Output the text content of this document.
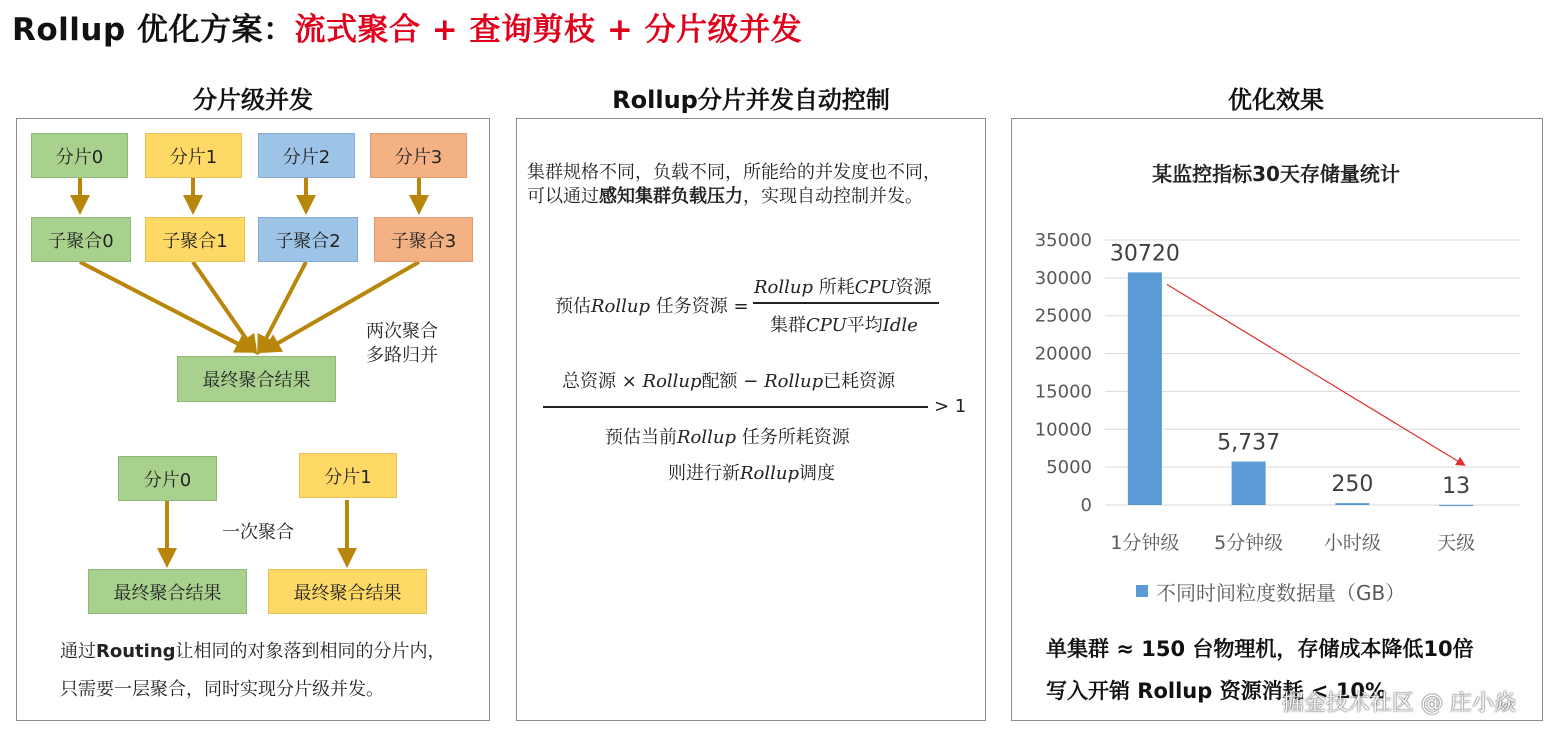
Rollup 优化方案：流式聚合 + 查询剪枝 + 分片级并发
分片级并发	Rollup分片并发自动控制	优化效果
分片0	分片1	分片2	分片3
子聚合0	子聚合1	子聚合2	子聚合3
最终聚合结果
两次聚合
多路归并
分片0	分片1
一次聚合
最终聚合结果	最终聚合结果
通过Routing让相同的对象落到相同的分片内，
只需要一层聚合，同时实现分片级并发。
集群规格不同，负载不同，所能给的并发度也不同，
可以通过感知集群负载压力，实现自动控制并发。
预估Rollup 任务资源 =
Rollup 所耗CPU资源
集群CPU平均Idle
总资源 × Rollup配额 − Rollup已耗资源
> 1
预估当前Rollup 任务所耗资源
则进行新Rollup调度
某监控指标30天存储量统计
0
5000
10000
15000
20000
25000
30000
35000
30720
1分钟级
5,737
5分钟级
250
小时级
13
天级
不同时间粒度数据量（GB）
单集群 ≈ 150 台物理机，存储成本降低10倍
写入开销 Rollup 资源消耗 < 10%
掘金技术社区 @ 庄小焱
